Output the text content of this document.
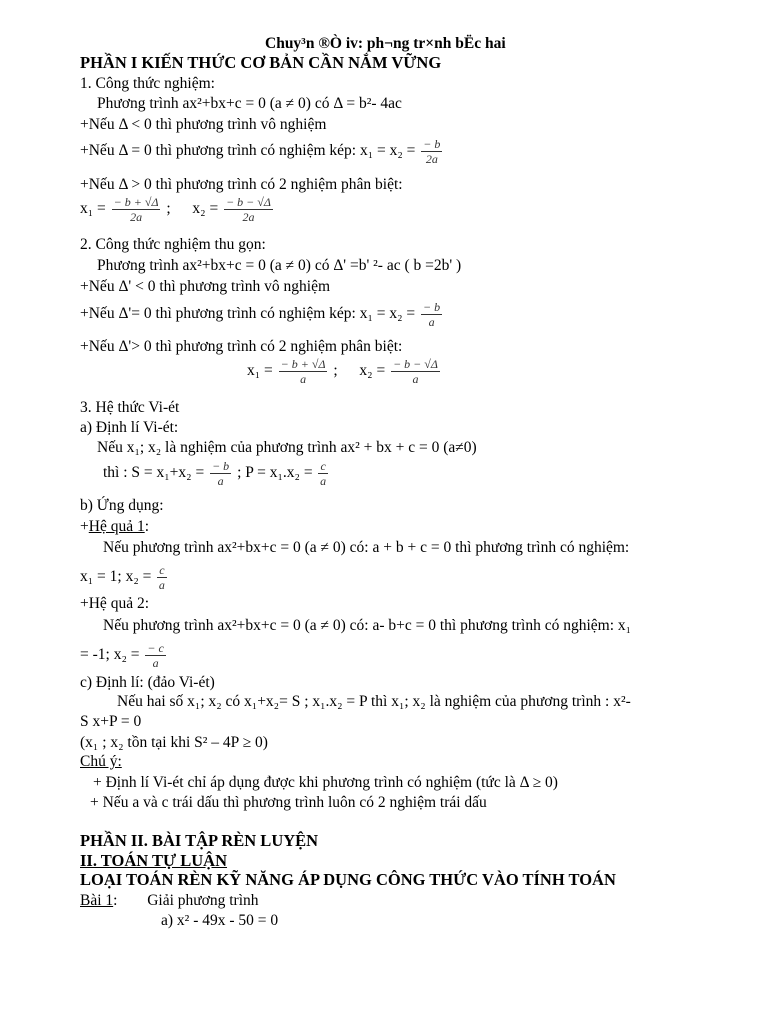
Chuy³n ®Ò iv: ph¬ng tr×nh bËc hai
PHẦN I KIẾN THỨC CƠ BẢN CẦN NẮM VỮNG
1. Công thức nghiệm:
Phương trình ax²+bx+c = 0 (a ≠ 0) có Δ = b²- 4ac
+Nếu Δ < 0 thì phương trình vô nghiệm
+Nếu Δ = 0 thì phương trình có nghiệm kép: $x_1 = x_2 = \frac{- b}{2a}$
+Nếu Δ > 0 thì phương trình có 2 nghiệm phân biệt:
$x_1 = \frac{- b + √\Delta}{2a}$ ; $x_2 = \frac{- b - √\Delta}{2a}$
2. Công thức nghiệm thu gọn:
Phương trình ax²+bx+c = 0 (a ≠ 0) có Δ' =b' ²- ac ( b =2b' )
+Nếu Δ' < 0 thì phương trình vô nghiệm
+Nếu Δ'= 0 thì phương trình có nghiệm kép: $x_1 = x_2 = \frac{- b}{a}$
+Nếu Δ'> 0 thì phương trình có 2 nghiệm phân biệt:
$x_1 = \frac{- b + √\Delta}{a}$ ; $x_2 = \frac{- b - √\Delta}{a}$
3. Hệ thức Vi-ét
a) Định lí Vi-ét:
Nếu x₁; x₂ là nghiệm của phương trình ax² + bx + c = 0 (a≠0)
thì : $S = x_1+x_2 = \frac{- b}{a}$ ; $P = x_1.x_2 = \frac{c}{a}$
b) Ứng dụng:
+Hệ quả 1:
Nếu phương trình ax²+bx+c = 0 (a ≠ 0) có: a + b + c = 0 thì phương trình có nghiệm:
x₁ = 1; $x_2 = \frac{c}{a}$
+Hệ quả 2:
Nếu phương trình ax²+bx+c = 0 (a ≠ 0) có: a- b+c = 0 thì phương trình có nghiệm: x₁
= -1; $x_2 = \frac{- c}{a}$
c) Định lí: (đảo Vi-ét)
Nếu hai số x₁; x₂ có x₁+x₂= S ; x₁.x₂ = P thì x₁; x₂ là nghiệm của phương trình : x²-
S x+P = 0
(x₁ ; x₂ tồn tại khi S² – 4P ≥ 0)
Chú ý:
+ Định lí Vi-ét chỉ áp dụng được khi phương trình có nghiệm (tức là Δ ≥ 0)
+ Nếu a và c trái dấu thì phương trình luôn có 2 nghiệm trái dấu
PHẦN II. BÀI TẬP RÈN LUYỆN
II. TOÁN TỰ LUẬN
LOẠI TOÁN RÈN KỸ NĂNG ÁP DỤNG CÔNG THỨC VÀO TÍNH TOÁN
Bài 1: Giải phương trình
a) x² - 49x - 50 = 0
